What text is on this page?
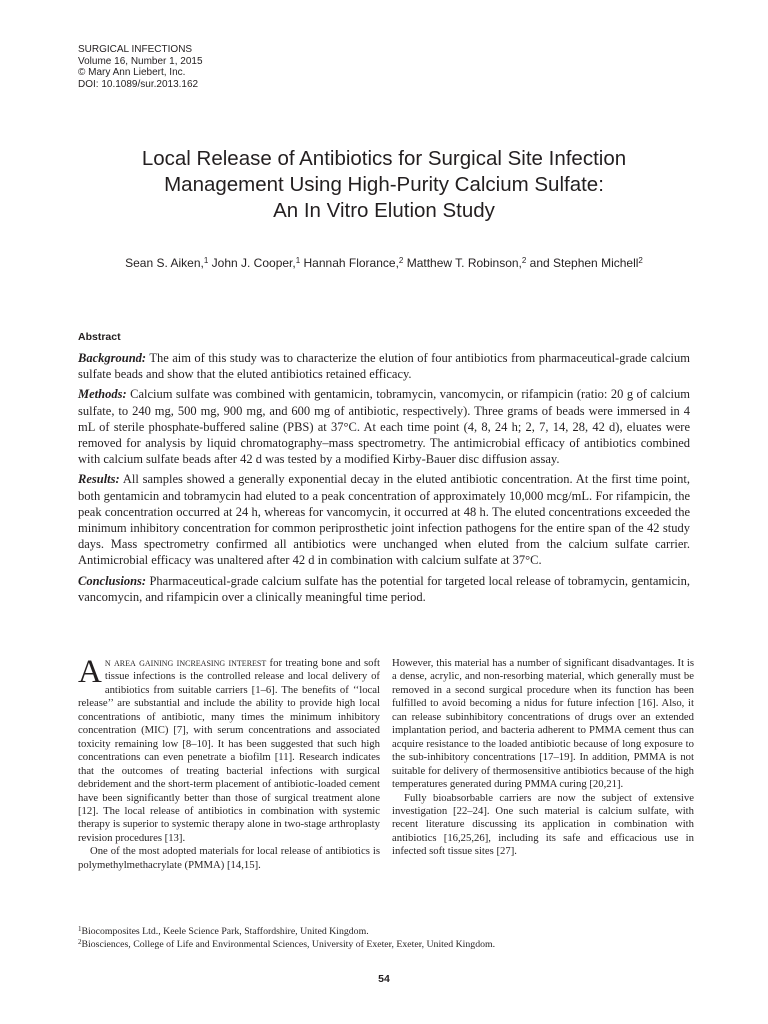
SURGICAL INFECTIONS
Volume 16, Number 1, 2015
© Mary Ann Liebert, Inc.
DOI: 10.1089/sur.2013.162
Local Release of Antibiotics for Surgical Site Infection
Management Using High-Purity Calcium Sulfate:
An In Vitro Elution Study
Sean S. Aiken,$^1$ John J. Cooper,$^1$ Hannah Florance,$^2$ Matthew T. Robinson,$^2$ and Stephen Michell$^2$
Abstract

Background: The aim of this study was to characterize the elution of four antibiotics from pharmaceutical-grade calcium sulfate beads and show that the eluted antibiotics retained efficacy.

Methods: Calcium sulfate was combined with gentamicin, tobramycin, vancomycin, or rifampicin (ratio: 20 g of calcium sulfate, to 240 mg, 500 mg, 900 mg, and 600 mg of antibiotic, respectively). Three grams of beads were immersed in 4 mL of sterile phosphate-buffered saline (PBS) at 37°C. At each time point (4, 8, 24 h; 2, 7, 14, 28, 42 d), eluates were removed for analysis by liquid chromatography–mass spectrometry. The antimicrobial efficacy of antibiotics combined with calcium sulfate beads after 42 d was tested by a modified Kirby-Bauer disc diffusion assay.

Results: All samples showed a generally exponential decay in the eluted antibiotic concentration. At the first time point, both gentamicin and tobramycin had eluted to a peak concentration of approximately 10,000 mcg/mL. For rifampicin, the peak concentration occurred at 24 h, whereas for vancomycin, it occurred at 48 h. The eluted concentrations exceeded the minimum inhibitory concentration for common periprosthetic joint infection pathogens for the entire span of the 42 study days. Mass spectrometry confirmed all antibiotics were unchanged when eluted from the calcium sulfate carrier. Antimicrobial efficacy was unaltered after 42 d in combination with calcium sulfate at 37°C.

Conclusions: Pharmaceutical-grade calcium sulfate has the potential for targeted local release of tobramycin, gentamicin, vancomycin, and rifampicin over a clinically meaningful time period.

An area gaining increasing interest for treating bone and soft tissue infections is the controlled release and local delivery of antibiotics from suitable carriers [1–6]. The benefits of ‘‘local release’’ are substantial and include the ability to provide high local concentrations of antibiotic, many times the minimum inhibitory concentration (MIC) [7], with serum concentrations and associated toxicity remaining low [8–10]. It has been suggested that such high concentrations can even penetrate a biofilm [11]. Research indicates that the outcomes of treating bacterial infections with surgical debridement and the short-term placement of antibiotic-loaded cement have been significantly better than those of surgical treatment alone [12]. The local release of antibiotics in combination with systemic therapy is superior to systemic therapy alone in two-stage arthroplasty revision procedures [13].

One of the most adopted materials for local release of antibiotics is polymethylmethacrylate (PMMA) [14,15].

However, this material has a number of significant disadvantages. It is a dense, acrylic, and non-resorbing material, which generally must be removed in a second surgical procedure when its function has been fulfilled to avoid becoming a nidus for future infection [16]. Also, it can release subinhibitory concentrations of drugs over an extended implantation period, and bacteria adherent to PMMA cement thus can acquire resistance to the loaded antibiotic because of long exposure to the sub-inhibitory concentrations [17–19]. In addition, PMMA is not suitable for delivery of thermosensitive antibiotics because of the high temperatures generated during PMMA curing [20,21].

Fully bioabsorbable carriers are now the subject of extensive investigation [22–24]. One such material is calcium sulfate, with recent literature discussing its application in combination with antibiotics [16,25,26], including its safe and efficacious use in infected soft tissue sites [27].

$^1$Biocomposites Ltd., Keele Science Park, Staffordshire, United Kingdom.
$^2$Biosciences, College of Life and Environmental Sciences, University of Exeter, Exeter, United Kingdom.
54
